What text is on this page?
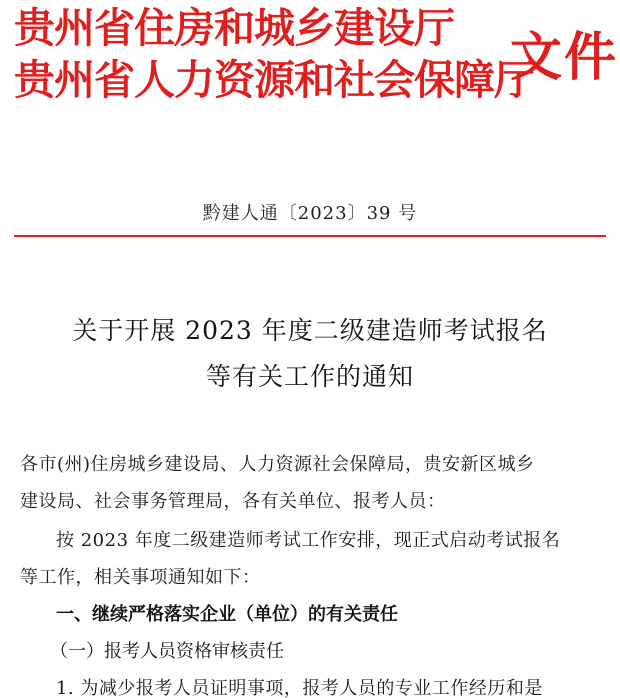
贵州省住房和城乡建设厅
贵州省人力资源和社会保障厅
文件
黔建人通〔2023〕39 号
关于开展 2023 年度二级建造师考试报名
等有关工作的通知
各市(州)住房城乡建设局、人力资源社会保障局，贵安新区城乡
建设局、社会事务管理局，各有关单位、报考人员：
按 2023 年度二级建造师考试工作安排，现正式启动考试报名
等工作，相关事项通知如下：
一、继续严格落实企业（单位）的有关责任
（一）报考人员资格审核责任
1. 为减少报考人员证明事项，报考人员的专业工作经历和是
